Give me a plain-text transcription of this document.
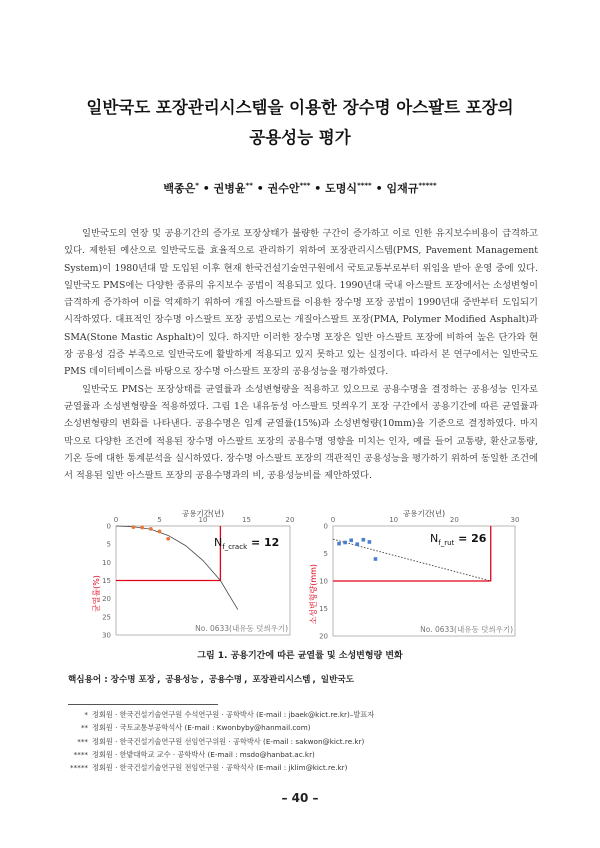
일반국도 포장관리시스템을 이용한 장수명 아스팔트 포장의
공용성능 평가
백종은* • 권병윤** • 권수안*** • 도명식**** • 임재규*****

일반국도의 연장 및 공용기간의 증가로 포장상태가 불량한 구간이 증가하고 이로 인한 유지보수비용이 급격하고 있다. 제한된 예산으로 일반국도를 효율적으로 관리하기 위하여 포장관리시스템(PMS, Pavement Management System)이 1980년대 말 도입된 이후 현재 한국건설기술연구원에서 국토교통부로부터 위임을 받아 운영 중에 있다. 일반국도 PMS에는 다양한 종류의 유지보수 공법이 적용되고 있다. 1990년대 국내 아스팔트 포장에서는 소성변형이 급격하게 증가하여 이를 억제하기 위하여 개질 아스팔트를 이용한 장수명 포장 공법이 1990년대 중반부터 도입되기 시작하였다. 대표적인 장수명 아스팔트 포장 공법으로는 개질아스팔트 포장(PMA, Polymer Modified Asphalt)과 SMA(Stone Mastic Asphalt)이 있다. 하지만 이러한 장수명 포장은 일반 아스팔트 포장에 비하여 높은 단가와 현장 공용성 검증 부족으로 일반국도에 활발하게 적용되고 있지 못하고 있는 실정이다. 따라서 본 연구에서는 일반국도 PMS 데이터베이스를 바탕으로 장수명 아스팔트 포장의 공용성능을 평가하였다.

일반국도 PMS는 포장상태를 균열률과 소성변형량을 적용하고 있으므로 공용수명을 결정하는 공용성능 인자로 균열률과 소성변형량을 적용하였다. 그림 1은 내유동성 아스팔트 덧씌우기 포장 구간에서 공용기간에 따른 균열률과 소성변형량의 변화를 나타낸다. 공용수명은 임계 균열률(15%)과 소성변형량(10mm)을 기준으로 결정하였다. 마지막으로 다양한 조건에 적용된 장수명 아스팔트 포장의 공용수명 영향을 미치는 인자, 예를 들어 교통량, 환산교통량, 기온 등에 대한 통계분석을 실시하였다. 장수명 아스팔트 포장의 객관적인 공용성능을 평가하기 위하여 동일한 조건에서 적용된 일반 아스팔트 포장의 공용수명과의 비, 공용성능비를 제안하였다.

공용기간(년)
0	5	10	15	20
0
5
10
15
20
25
30
균열률(%)
$N_{f\_crack} = 12$
No. 0633(내유동 덧씌우기)
공용기간(년)
0	10	20	30
0
5
10
15
20
소성변형량(mm)
$N_{f\_rut} = 26$
No. 0633(내유동 덧씌우기)
그림 1. 공용기간에 따른 균열률 및 소성변형량 변화
핵심용어 : 장수명 포장 , 공용성능 , 공용수명 , 포장관리시스템 , 일반국도
* 정회원 · 한국건설기술연구원 수석연구원 · 공학박사 (E-mail : jbaek@kict.re.kr)–발표자
** 정회원 · 국토교통부공학석사 (E-mail : Kwonbyby@hanmail.com)
*** 정회원 · 한국건설기술연구원 선임연구위원 · 공학박사 (E-mail : sakwon@kict.re.kr)
**** 정회원 · 한밭대학교 교수 · 공학박사 (E-mail : msdo@hanbat.ac.kr)
***** 정회원 · 한국건설기술연구원 전임연구원 · 공학석사 (E-mail : jklim@kict.re.kr)
– 40 –
